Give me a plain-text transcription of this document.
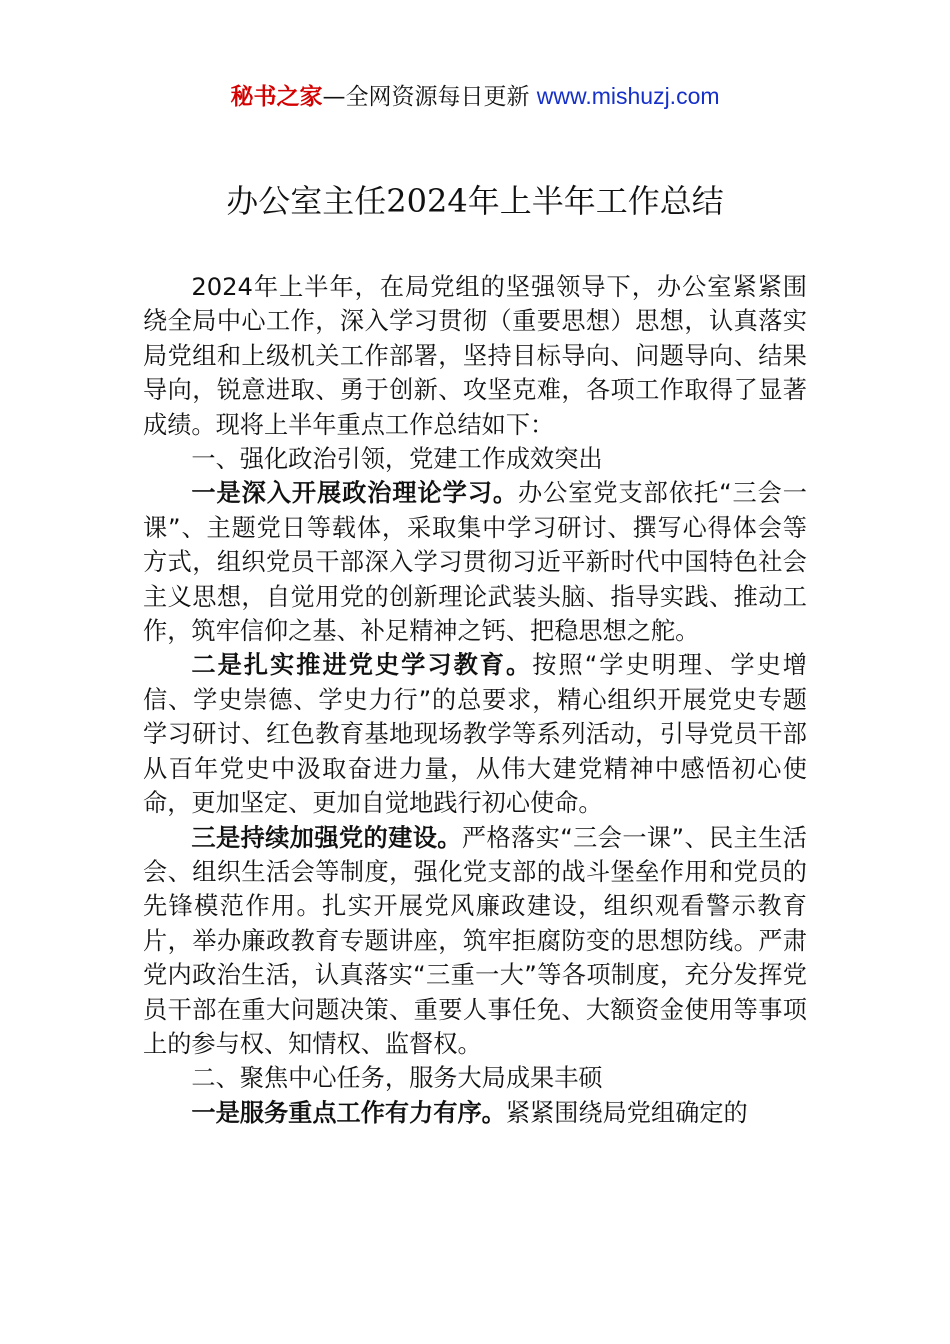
秘书之家—全网资源每日更新 www.mishuzj.com
办公室主任2024年上半年工作总结

2024年上半年，在局党组的坚强领导下，办公室紧紧围绕全局中心工作，深入学习贯彻（重要思想）思想，认真落实局党组和上级机关工作部署，坚持目标导向、问题导向、结果导向，锐意进取、勇于创新、攻坚克难，各项工作取得了显著成绩。现将上半年重点工作总结如下：

一、强化政治引领，党建工作成效突出

一是深入开展政治理论学习。办公室党支部依托“三会一课”、主题党日等载体，采取集中学习研讨、撰写心得体会等方式，组织党员干部深入学习贯彻习近平新时代中国特色社会主义思想，自觉用党的创新理论武装头脑、指导实践、推动工作，筑牢信仰之基、补足精神之钙、把稳思想之舵。

二是扎实推进党史学习教育。按照“学史明理、学史增信、学史崇德、学史力行”的总要求，精心组织开展党史专题学习研讨、红色教育基地现场教学等系列活动，引导党员干部从百年党史中汲取奋进力量，从伟大建党精神中感悟初心使命，更加坚定、更加自觉地践行初心使命。

三是持续加强党的建设。严格落实“三会一课”、民主生活会、组织生活会等制度，强化党支部的战斗堡垒作用和党员的先锋模范作用。扎实开展党风廉政建设，组织观看警示教育片，举办廉政教育专题讲座，筑牢拒腐防变的思想防线。严肃党内政治生活，认真落实“三重一大”等各项制度，充分发挥党员干部在重大问题决策、重要人事任免、大额资金使用等事项上的参与权、知情权、监督权。

二、聚焦中心任务，服务大局成果丰硕

一是服务重点工作有力有序。紧紧围绕局党组确定的
